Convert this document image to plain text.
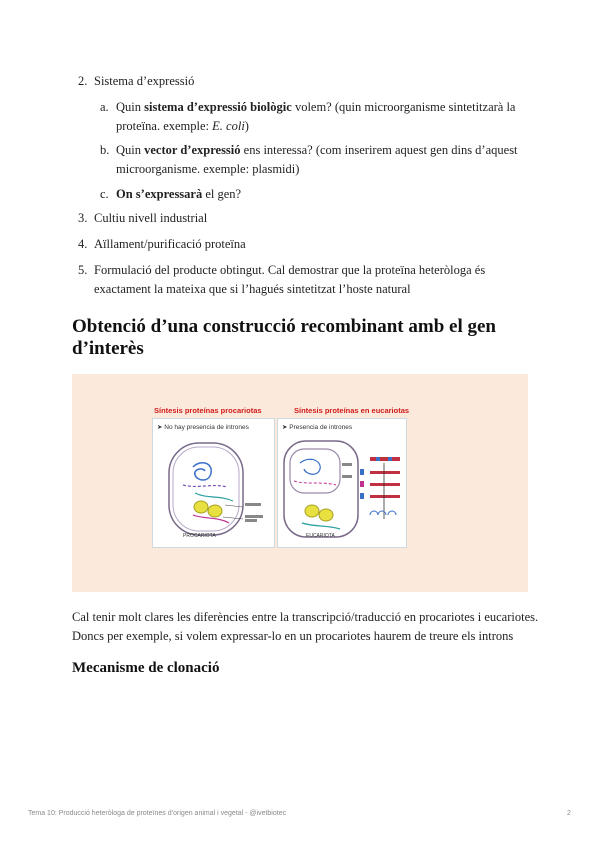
2. Sistema d’expressió
a. Quin sistema d’expressió biològic volem? (quin microorganisme sintetitzarà la
proteïna. exemple: E. coli)
b. Quin vector d’expressió ens interessa? (com inserirem aquest gen dins d’aquest
microorganisme. exemple: plasmidi)
c. On s’expressarà el gen?
3. Cultiu nivell industrial
4. Aïllament/purificació proteïna
5. Formulació del producte obtingut. Cal demostrar que la proteïna heteròloga és
exactament la mateixa que si l’hagués sintetitzat l’hoste natural
Obtenció d’una construcció recombinant amb el gen d’interès
Síntesis proteínas procariotas	Síntesis proteínas en eucariotas
➤ No hay presencia de intrones
PROCARIOTA
➤ Presencia de intrones
EUCARIOTA
Cal tenir molt clares les diferències entre la transcripció/traducció en procariotes i eucariotes.
Doncs per exemple, si volem expressar-lo en un procariotes haurem de treure els introns
Mecanisme de clonació
Tema 10: Producció heteròloga de proteïnes d’origen animal i vegetal - @ivetbiotec	2
